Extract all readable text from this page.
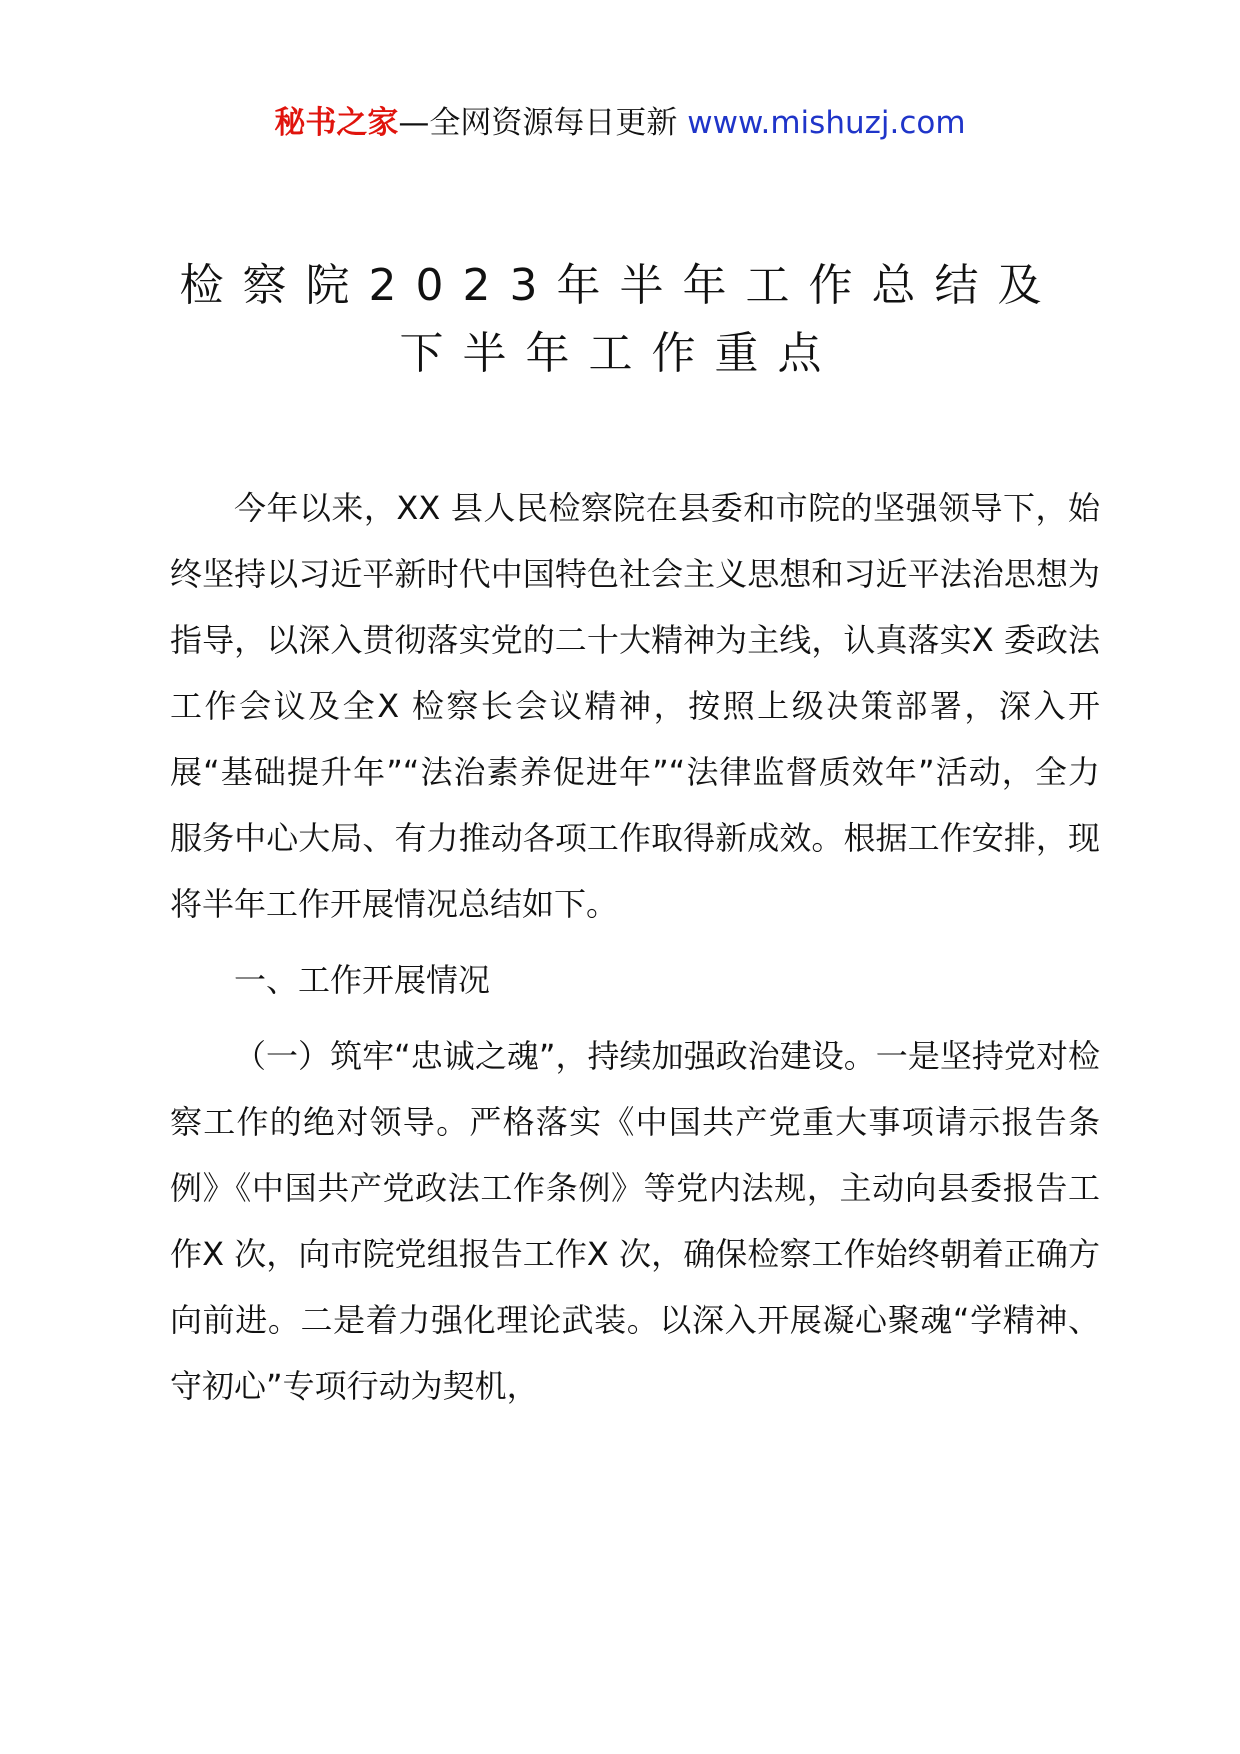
秘书之家—全网资源每日更新 www.mishuzj.com
检察院2023年半年工作总结及
下半年工作重点

今年以来，XX 县人民检察院在县委和市院的坚强领导下，始终坚持以习近平新时代中国特色社会主义思想和习近平法治思想为指导，以深入贯彻落实党的二十大精神为主线，认真落实X 委政法工作会议及全X 检察长会议精神，按照上级决策部署，深入开展“基础提升年”“法治素养促进年”“法律监督质效年”活动，全力服务中心大局、有力推动各项工作取得新成效。根据工作安排，现将半年工作开展情况总结如下。

一、工作开展情况

（一）筑牢“忠诚之魂”，持续加强政治建设。一是坚持党对检察工作的绝对领导。严格落实《中国共产党重大事项请示报告条例》《中国共产党政法工作条例》等党内法规，主动向县委报告工作X 次，向市院党组报告工作X 次，确保检察工作始终朝着正确方向前进。二是着力强化理论武装。以深入开展凝心聚魂“学精神、守初心”专项行动为契机，
